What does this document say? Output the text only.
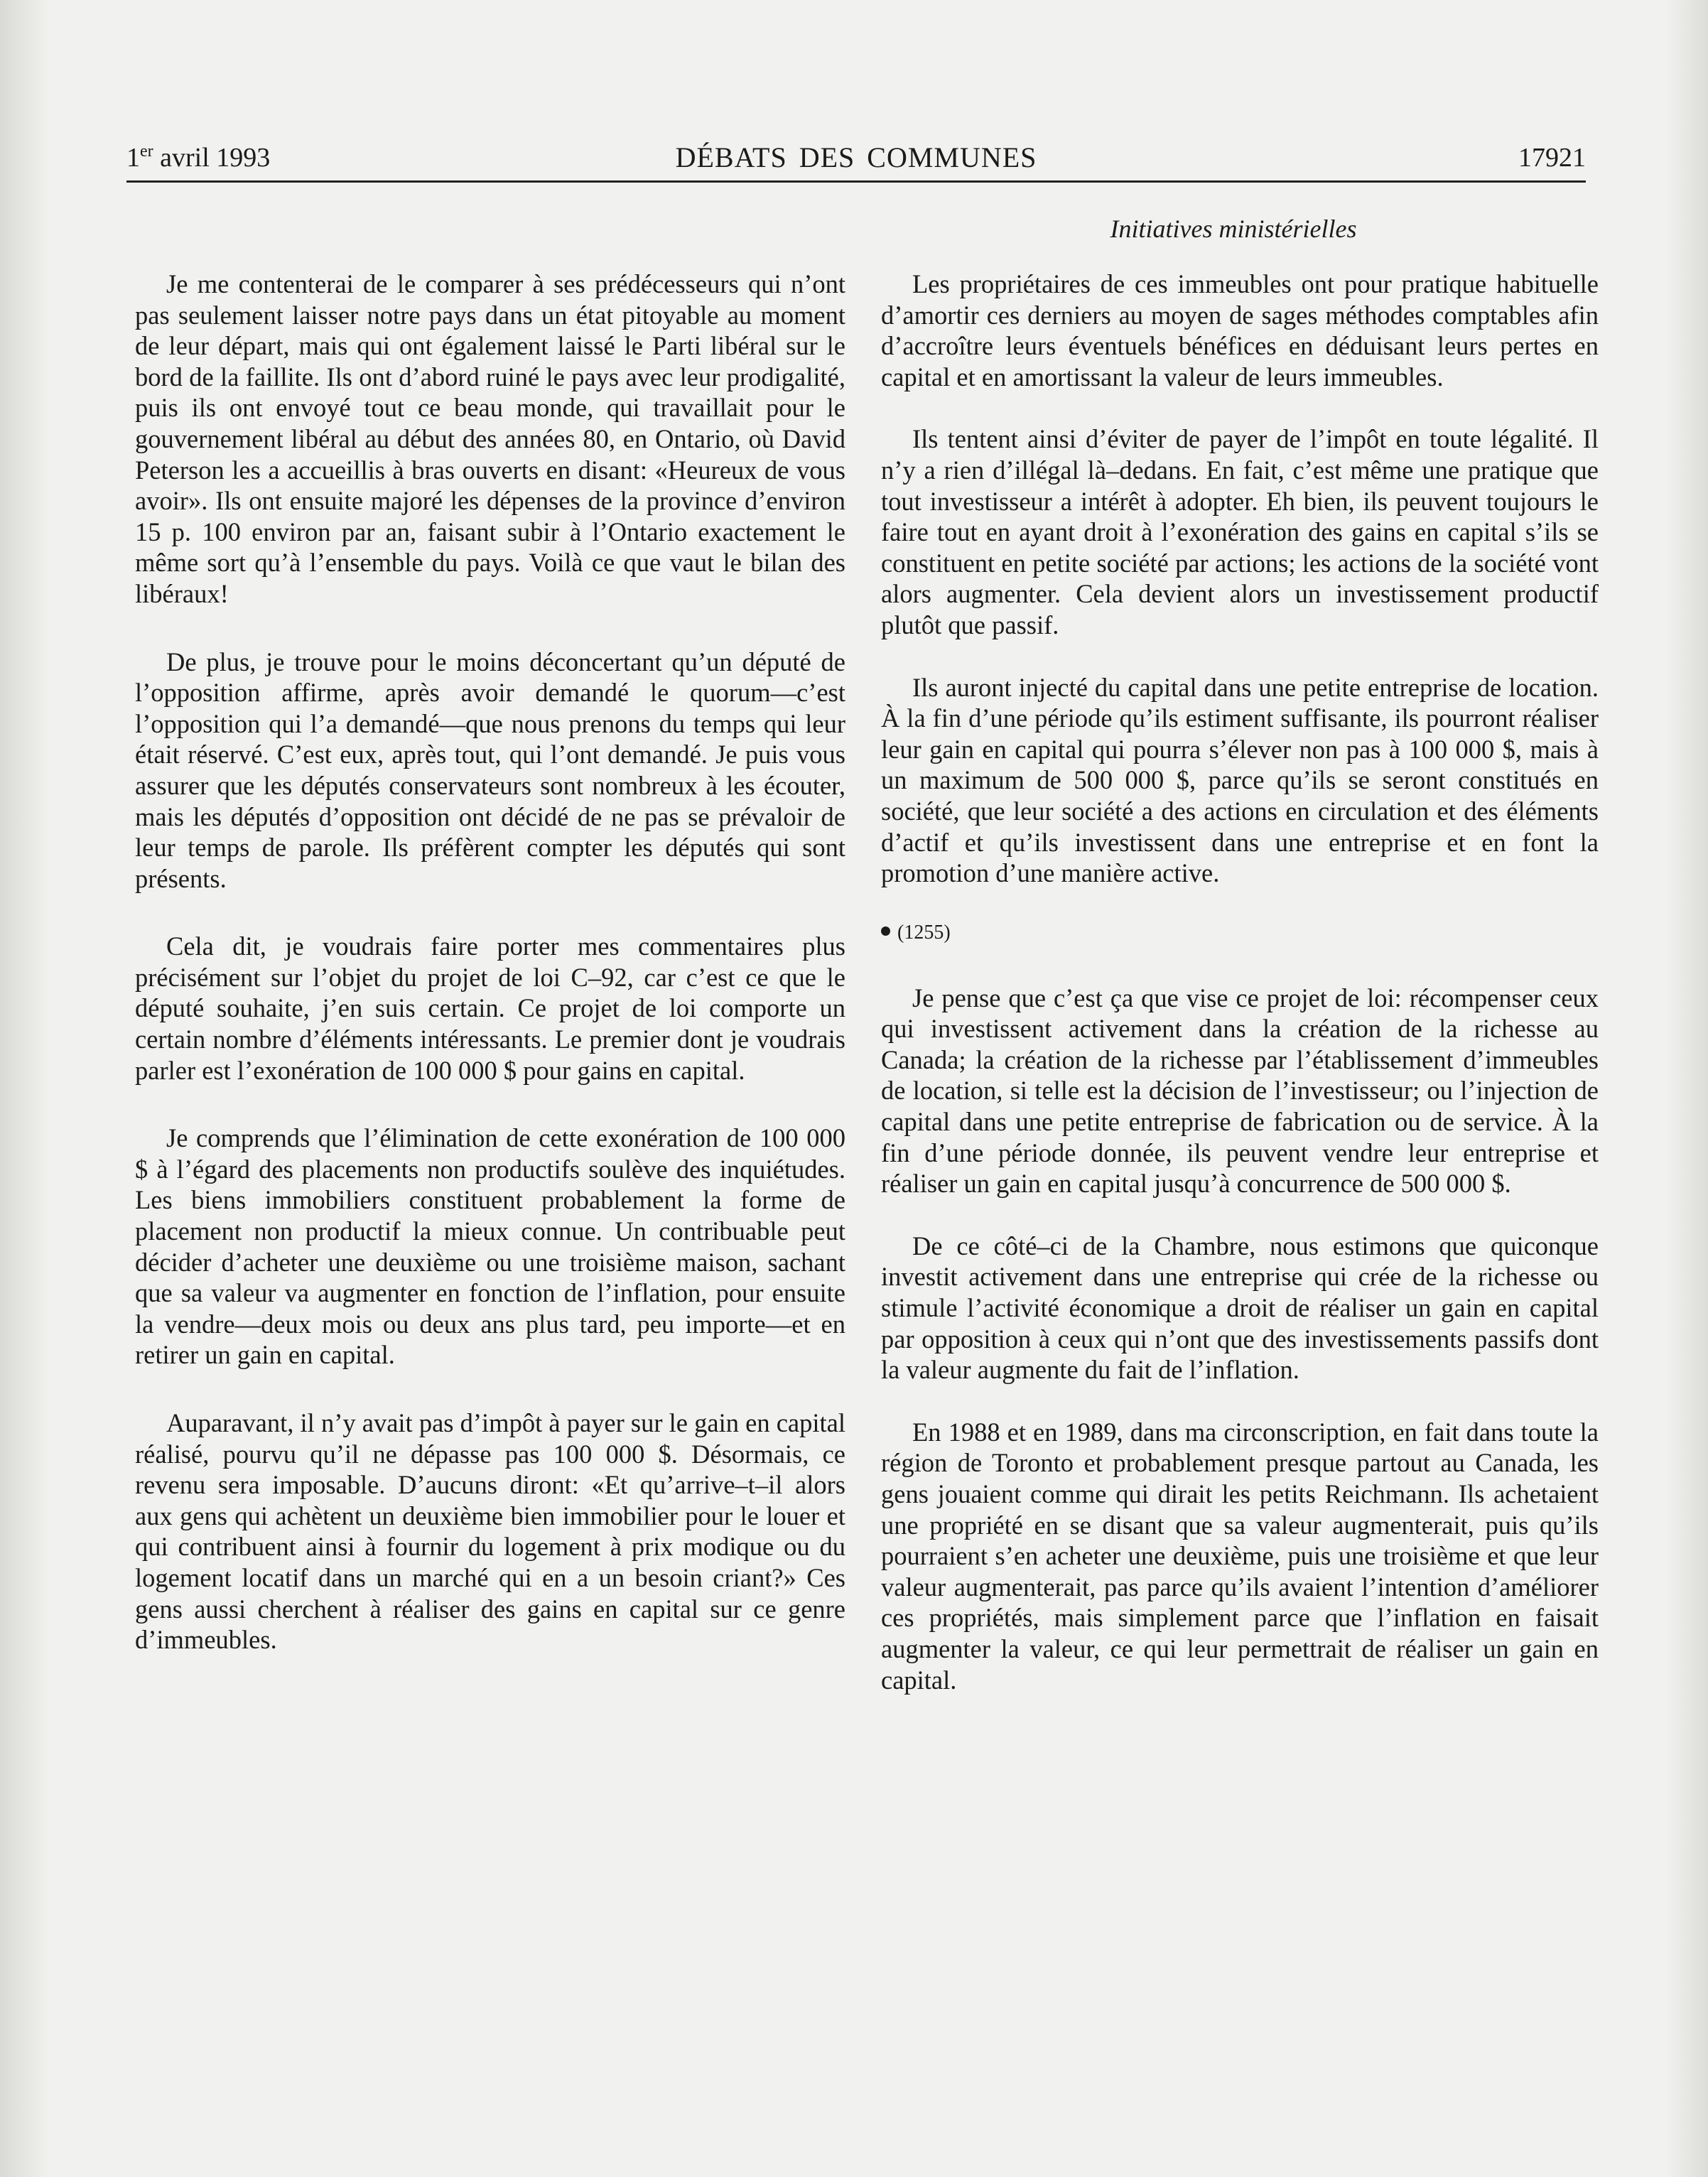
1er avril 1993	DÉBATS DES COMMUNES	17921
Initiatives ministérielles

Je me contenterai de le comparer à ses prédécesseurs qui n’ont pas seulement laisser notre pays dans un état pitoyable au moment de leur départ, mais qui ont également laissé le Parti libéral sur le bord de la faillite. Ils ont d’abord ruiné le pays avec leur prodigalité, puis ils ont envoyé tout ce beau monde, qui travaillait pour le gouvernement libéral au début des années 80, en Ontario, où David Peterson les a accueillis à bras ouverts en disant: «Heureux de vous avoir». Ils ont ensuite majoré les dépenses de la province d’environ 15 p. 100 environ par an, faisant subir à l’Ontario exactement le même sort qu’à l’ensemble du pays. Voilà ce que vaut le bilan des libéraux!

De plus, je trouve pour le moins déconcertant qu’un député de l’opposition affirme, après avoir demandé le quorum—c’est l’opposition qui l’a demandé—que nous prenons du temps qui leur était réservé. C’est eux, après tout, qui l’ont demandé. Je puis vous assurer que les députés conservateurs sont nombreux à les écouter, mais les députés d’opposition ont décidé de ne pas se prévaloir de leur temps de parole. Ils préfèrent compter les députés qui sont présents.

Cela dit, je voudrais faire porter mes commentaires plus précisément sur l’objet du projet de loi C–92, car c’est ce que le député souhaite, j’en suis certain. Ce projet de loi comporte un certain nombre d’éléments intéressants. Le premier dont je voudrais parler est l’exonération de 100 000 $ pour gains en capital.

Je comprends que l’élimination de cette exonération de 100 000 $ à l’égard des placements non productifs soulève des inquiétudes. Les biens immobiliers constituent probablement la forme de placement non productif la mieux connue. Un contribuable peut décider d’acheter une deuxième ou une troisième maison, sachant que sa valeur va augmenter en fonction de l’inflation, pour ensuite la vendre—deux mois ou deux ans plus tard, peu importe—et en retirer un gain en capital.

Auparavant, il n’y avait pas d’impôt à payer sur le gain en capital réalisé, pourvu qu’il ne dépasse pas 100 000 $. Désormais, ce revenu sera imposable. D’aucuns diront: «Et qu’arrive–t–il alors aux gens qui achètent un deuxième bien immobilier pour le louer et qui contribuent ainsi à fournir du logement à prix modique ou du logement locatif dans un marché qui en a un besoin criant?» Ces gens aussi cherchent à réaliser des gains en capital sur ce genre d’immeubles.

Les propriétaires de ces immeubles ont pour pratique habituelle d’amortir ces derniers au moyen de sages méthodes comptables afin d’accroître leurs éventuels bénéfices en déduisant leurs pertes en capital et en amortissant la valeur de leurs immeubles.

Ils tentent ainsi d’éviter de payer de l’impôt en toute légalité. Il n’y a rien d’illégal là–dedans. En fait, c’est même une pratique que tout investisseur a intérêt à adopter. Eh bien, ils peuvent toujours le faire tout en ayant droit à l’exonération des gains en capital s’ils se constituent en petite société par actions; les actions de la société vont alors augmenter. Cela devient alors un investissement productif plutôt que passif.

Ils auront injecté du capital dans une petite entreprise de location. À la fin d’une période qu’ils estiment suffisante, ils pourront réaliser leur gain en capital qui pourra s’élever non pas à 100 000 $, mais à un maximum de 500 000 $, parce qu’ils se seront constitués en société, que leur société a des actions en circulation et des éléments d’actif et qu’ils investissent dans une entreprise et en font la promotion d’une manière active.

(1255)

Je pense que c’est ça que vise ce projet de loi: récompenser ceux qui investissent activement dans la création de la richesse au Canada; la création de la richesse par l’établissement d’immeubles de location, si telle est la décision de l’investisseur; ou l’injection de capital dans une petite entreprise de fabrication ou de service. À la fin d’une période donnée, ils peuvent vendre leur entreprise et réaliser un gain en capital jusqu’à concurrence de 500 000 $.

De ce côté–ci de la Chambre, nous estimons que quiconque investit activement dans une entreprise qui crée de la richesse ou stimule l’activité économique a droit de réaliser un gain en capital par opposition à ceux qui n’ont que des investissements passifs dont la valeur augmente du fait de l’inflation.

En 1988 et en 1989, dans ma circonscription, en fait dans toute la région de Toronto et probablement presque partout au Canada, les gens jouaient comme qui dirait les petits Reichmann. Ils achetaient une propriété en se disant que sa valeur augmenterait, puis qu’ils pourraient s’en acheter une deuxième, puis une troisième et que leur valeur augmenterait, pas parce qu’ils avaient l’intention d’améliorer ces propriétés, mais simplement parce que l’inflation en faisait augmenter la valeur, ce qui leur permettrait de réaliser un gain en capital.
